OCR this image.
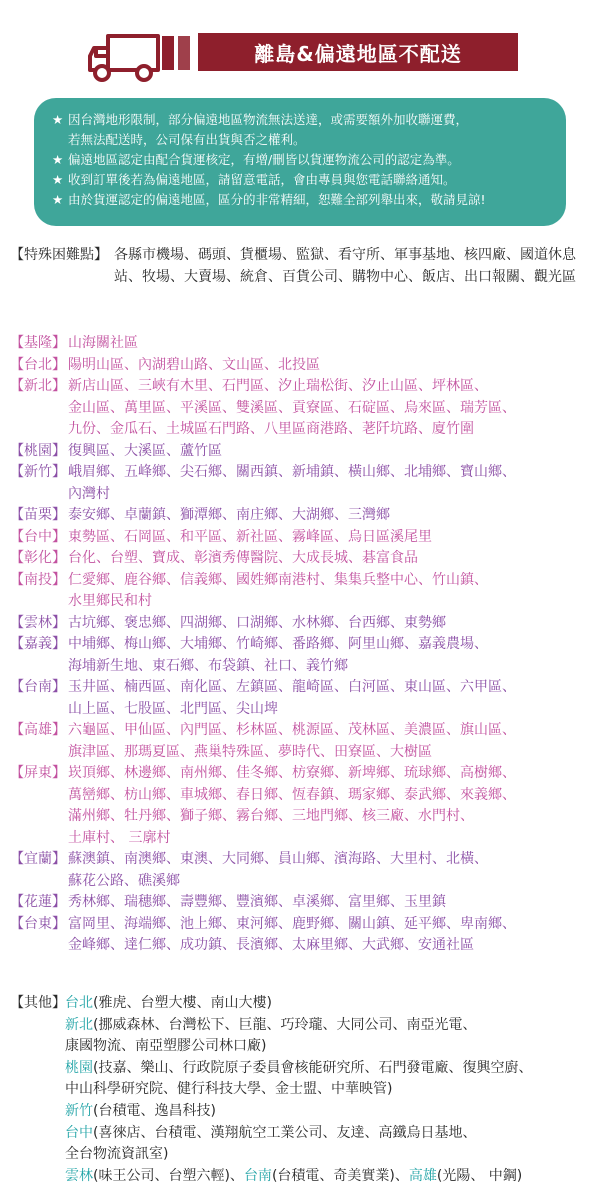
離島&偏遠地區不配送
★ 因台灣地形限制，部分偏遠地區物流無法送達，或需要額外加收聯運費，
若無法配送時，公司保有出貨與否之權利。
★ 偏遠地區認定由配合貨運核定，有增/刪皆以貨運物流公司的認定為準。
★ 收到訂單後若為偏遠地區，請留意電話，會由專員與您電話聯絡通知。
★ 由於貨運認定的偏遠地區，區分的非常精細，恕難全部列舉出來，敬請見諒!
【特殊困難點】 各縣市機場、碼頭、貨櫃場、監獄、看守所、軍事基地、核四廠、國道休息站、牧場、大賣場、統倉、百貨公司、購物中心、飯店、出口報關、觀光區
【基隆】 山海關社區
【台北】 陽明山區、內湖碧山路、文山區、北投區
【新北】 新店山區、三峽有木里、石門區、汐止瑞松街、汐止山區、坪林區、
金山區、萬里區、平溪區、雙溪區、貢寮區、石碇區、烏來區、瑞芳區、
九份、金瓜石、土城區石門路、八里區商港路、荖阡坑路、廈竹圍
【桃園】 復興區、大溪區、蘆竹區
【新竹】 峨眉鄉、五峰鄉、尖石鄉、關西鎮、新埔鎮、橫山鄉、北埔鄉、寶山鄉、
內灣村
【苗栗】 泰安鄉、卓蘭鎮、獅潭鄉、南庄鄉、大湖鄉、三灣鄉
【台中】 東勢區、石岡區、和平區、新社區、霧峰區、烏日區溪尾里
【彰化】 台化、台塑、寶成、彰濱秀傳醫院、大成長城、碁富食品
【南投】 仁愛鄉、鹿谷鄉、信義鄉、國姓鄉南港村、集集兵整中心、竹山鎮、
水里鄉民和村
【雲林】 古坑鄉、褒忠鄉、四湖鄉、口湖鄉、水林鄉、台西鄉、東勢鄉
【嘉義】 中埔鄉、梅山鄉、大埔鄉、竹崎鄉、番路鄉、阿里山鄉、嘉義農場、
海埔新生地、東石鄉、布袋鎮、社口、義竹鄉
【台南】 玉井區、楠西區、南化區、左鎮區、龍崎區、白河區、東山區、六甲區、
山上區、七股區、北門區、尖山埤
【高雄】 六龜區、甲仙區、內門區、杉林區、桃源區、茂林區、美濃區、旗山區、
旗津區、那瑪夏區、燕巢特殊區、夢時代、田寮區、大樹區
【屏東】 崁頂鄉、林邊鄉、南州鄉、佳冬鄉、枋寮鄉、新埤鄉、琉球鄉、高樹鄉、
萬巒鄉、枋山鄉、車城鄉、春日鄉、恆春鎮、瑪家鄉、泰武鄉、來義鄉、
滿州鄉、牡丹鄉、獅子鄉、霧台鄉、三地門鄉、核三廠、水門村、
土庫村、 三廓村
【宜蘭】 蘇澳鎮、南澳鄉、東澳、大同鄉、員山鄉、濱海路、大里村、北橫、
蘇花公路、礁溪鄉
【花蓮】 秀林鄉、瑞穗鄉、壽豐鄉、豐濱鄉、卓溪鄉、富里鄉、玉里鎮
【台東】 富岡里、海端鄉、池上鄉、東河鄉、鹿野鄉、關山鎮、延平鄉、卑南鄉、
金峰鄉、達仁鄉、成功鎮、長濱鄉、太麻里鄉、大武鄉、安通社區
【其他】 台北(雅虎、台塑大樓、南山大樓)
新北(挪威森林、台灣松下、巨龍、巧玲瓏、大同公司、南亞光電、
康國物流、南亞塑膠公司林口廠)
桃園(技嘉、樂山、行政院原子委員會核能研究所、石門發電廠、復興空廚、
中山科學研究院、健行科技大學、金士盟、中華映管)
新竹(台積電、逸昌科技)
台中(喜徠店、台積電、漢翔航空工業公司、友達、高鐵烏日基地、
全台物流資訊室)
雲林(味王公司、台塑六輕)、台南(台積電、奇美實業)、高雄(光陽、 中鋼)
